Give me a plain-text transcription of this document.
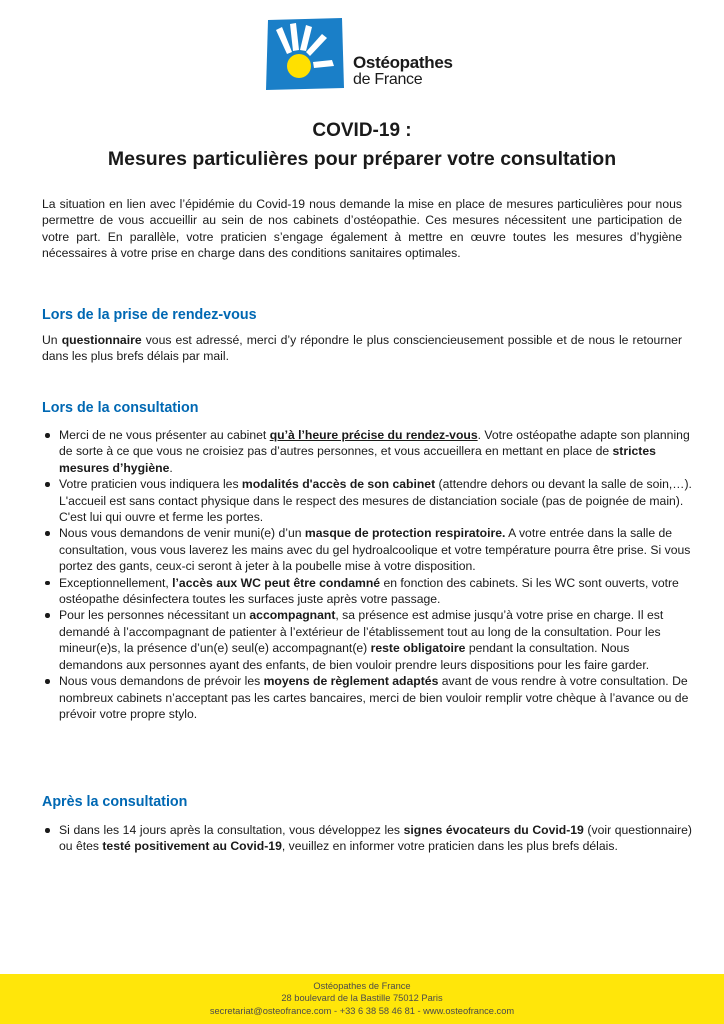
Ostéopathes
de France
COVID-19 :
Mesures particulières pour préparer votre consultation
La situation en lien avec l’épidémie du Covid-19 nous demande la mise en place de mesures particulières pour nous permettre de vous accueillir au sein de nos cabinets d’ostéopathie. Ces mesures nécessitent une participation de votre part. En parallèle, votre praticien s’engage également à mettre en œuvre toutes les mesures d’hygiène nécessaires à votre prise en charge dans des conditions sanitaires optimales.
Lors de la prise de rendez-vous
Un questionnaire vous est adressé, merci d’y répondre le plus consciencieusement possible et de nous le retourner dans les plus brefs délais par mail.
Lors de la consultation
Merci de ne vous présenter au cabinet qu’à l’heure précise du rendez-vous. Votre ostéopathe adapte son planning de sorte à ce que vous ne croisiez pas d’autres personnes, et vous accueillera en mettant en place de strictes mesures d’hygiène.
Votre praticien vous indiquera les modalités d'accès de son cabinet (attendre dehors ou devant la salle de soin,…). L'accueil est sans contact physique dans le respect des mesures de distanciation sociale (pas de poignée de main). C'est lui qui ouvre et ferme les portes.
Nous vous demandons de venir muni(e) d’un masque de protection respiratoire. A votre entrée dans la salle de consultation, vous vous laverez les mains avec du gel hydroalcoolique et votre température pourra être prise. Si vous portez des gants, ceux-ci seront à jeter à la poubelle mise à votre disposition.
Exceptionnellement, l’accès aux WC peut être condamné en fonction des cabinets. Si les WC sont ouverts, votre ostéopathe désinfectera toutes les surfaces juste après votre passage.
Pour les personnes nécessitant un accompagnant, sa présence est admise jusqu’à votre prise en charge. Il est demandé à l’accompagnant de patienter à l’extérieur de l’établissement tout au long de la consultation. Pour les mineur(e)s, la présence d’un(e) seul(e) accompagnant(e) reste obligatoire pendant la consultation. Nous demandons aux personnes ayant des enfants, de bien vouloir prendre leurs dispositions pour les faire garder.
Nous vous demandons de prévoir les moyens de règlement adaptés avant de vous rendre à votre consultation. De nombreux cabinets n’acceptant pas les cartes bancaires, merci de bien vouloir remplir votre chèque à l’avance ou de prévoir votre propre stylo.
Après la consultation
Si dans les 14 jours après la consultation, vous développez les signes évocateurs du Covid-19 (voir questionnaire) ou êtes testé positivement au Covid-19, veuillez en informer votre praticien dans les plus brefs délais.
Ostéopathes de France
28 boulevard de la Bastille 75012 Paris
secretariat@osteofrance.com - +33 6 38 58 46 81 - www.osteofrance.com
